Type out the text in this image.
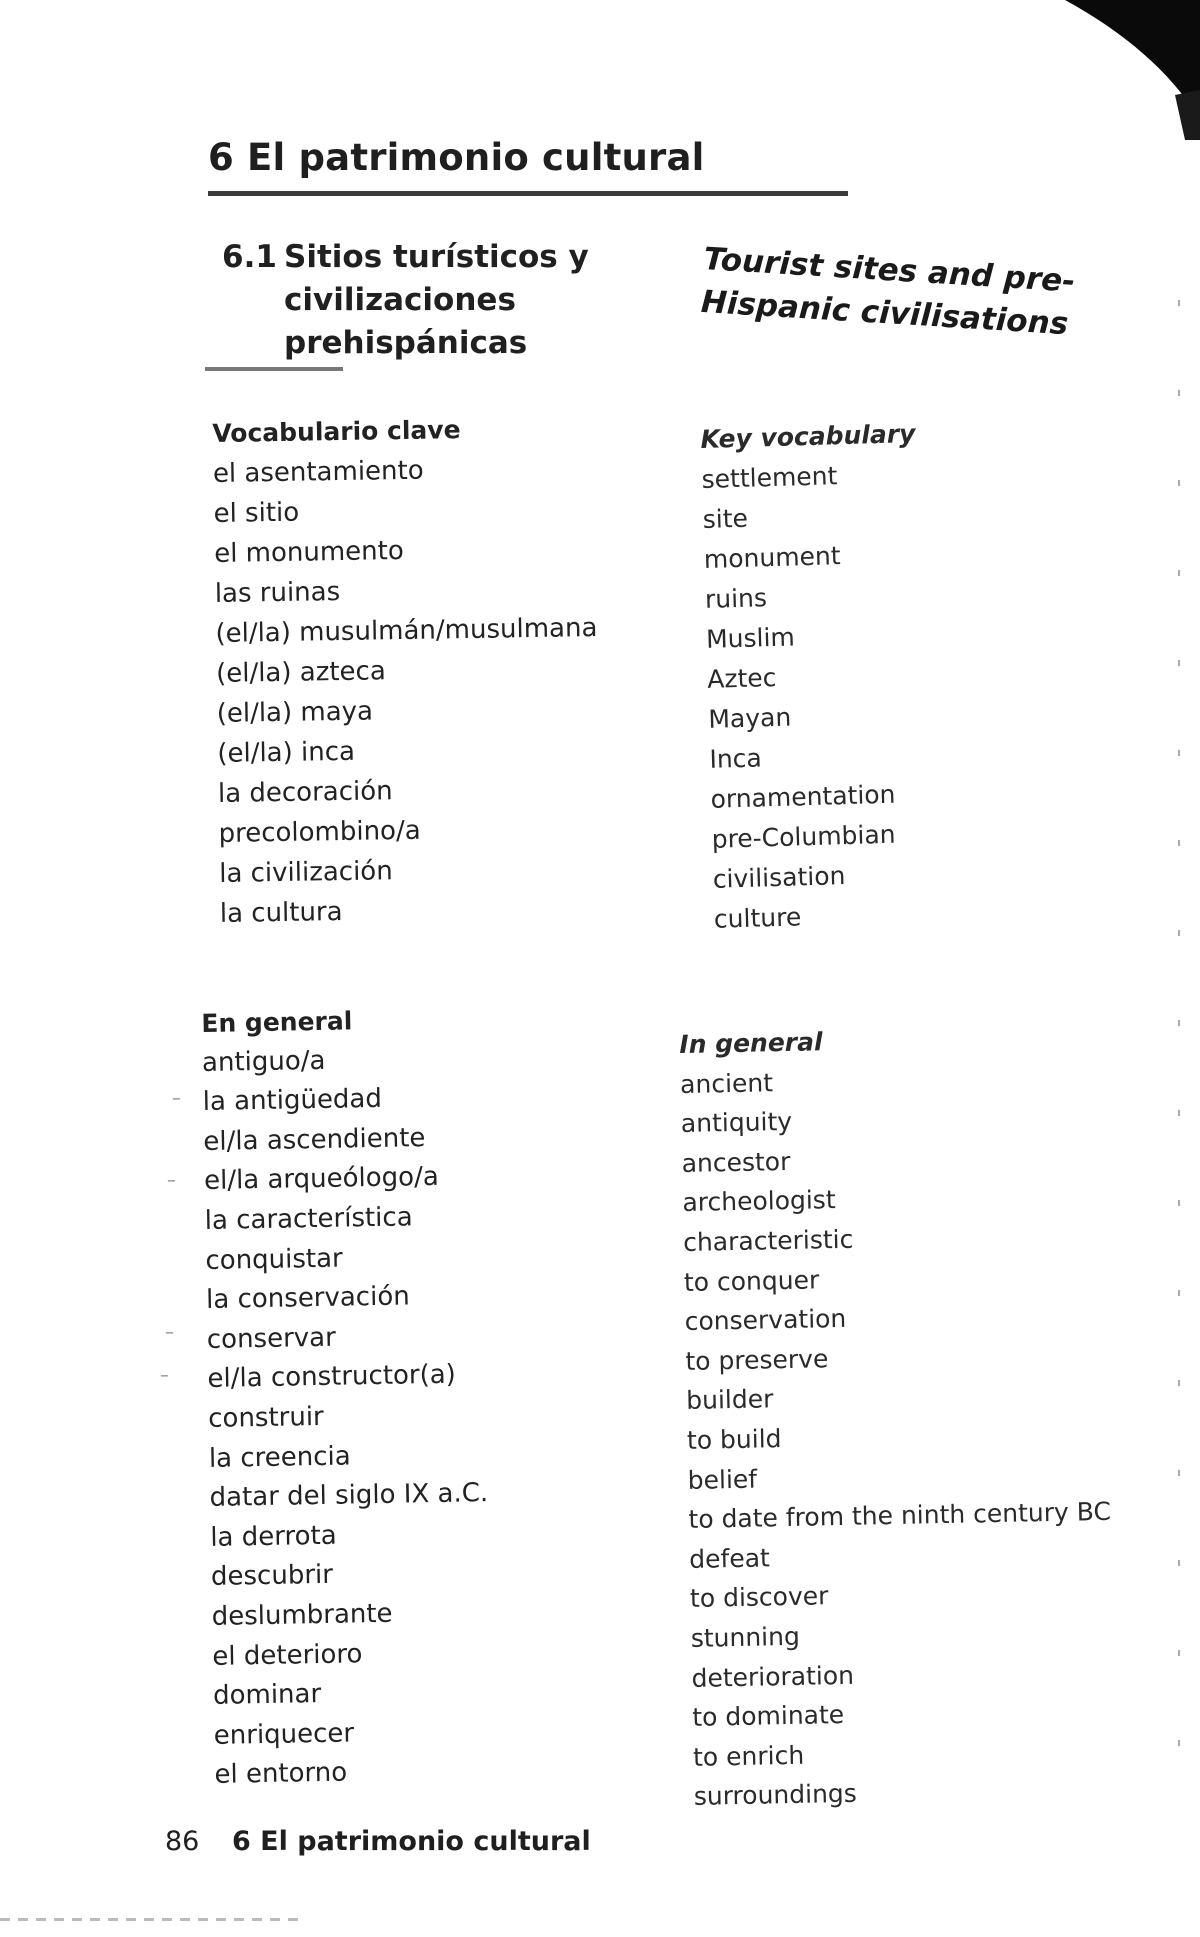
6 El patrimonio cultural
6.1 Sitios turísticos y civilizaciones prehispánicas
Tourist sites and pre-Hispanic civilisations
Vocabulario clave
el asentamiento
el sitio
el monumento
las ruinas
(el/la) musulmán/musulmana
(el/la) azteca
(el/la) maya
(el/la) inca
la decoración
precolombino/a
la civilización
la cultura
Key vocabulary
settlement
site
monument
ruins
Muslim
Aztec
Mayan
Inca
ornamentation
pre-Columbian
civilisation
culture
En general
antiguo/a
la antigüedad
el/la ascendiente
el/la arqueólogo/a
la característica
conquistar
la conservación
conservar
el/la constructor(a)
construir
la creencia
datar del siglo IX a.C.
la derrota
descubrir
deslumbrante
el deterioro
dominar
enriquecer
el entorno
In general
ancient
antiquity
ancestor
archeologist
characteristic
to conquer
conservation
to preserve
builder
to build
belief
to date from the ninth century BC
defeat
to discover
stunning
deterioration
to dominate
to enrich
surroundings
–
–
–
–
86 6 El patrimonio cultural
